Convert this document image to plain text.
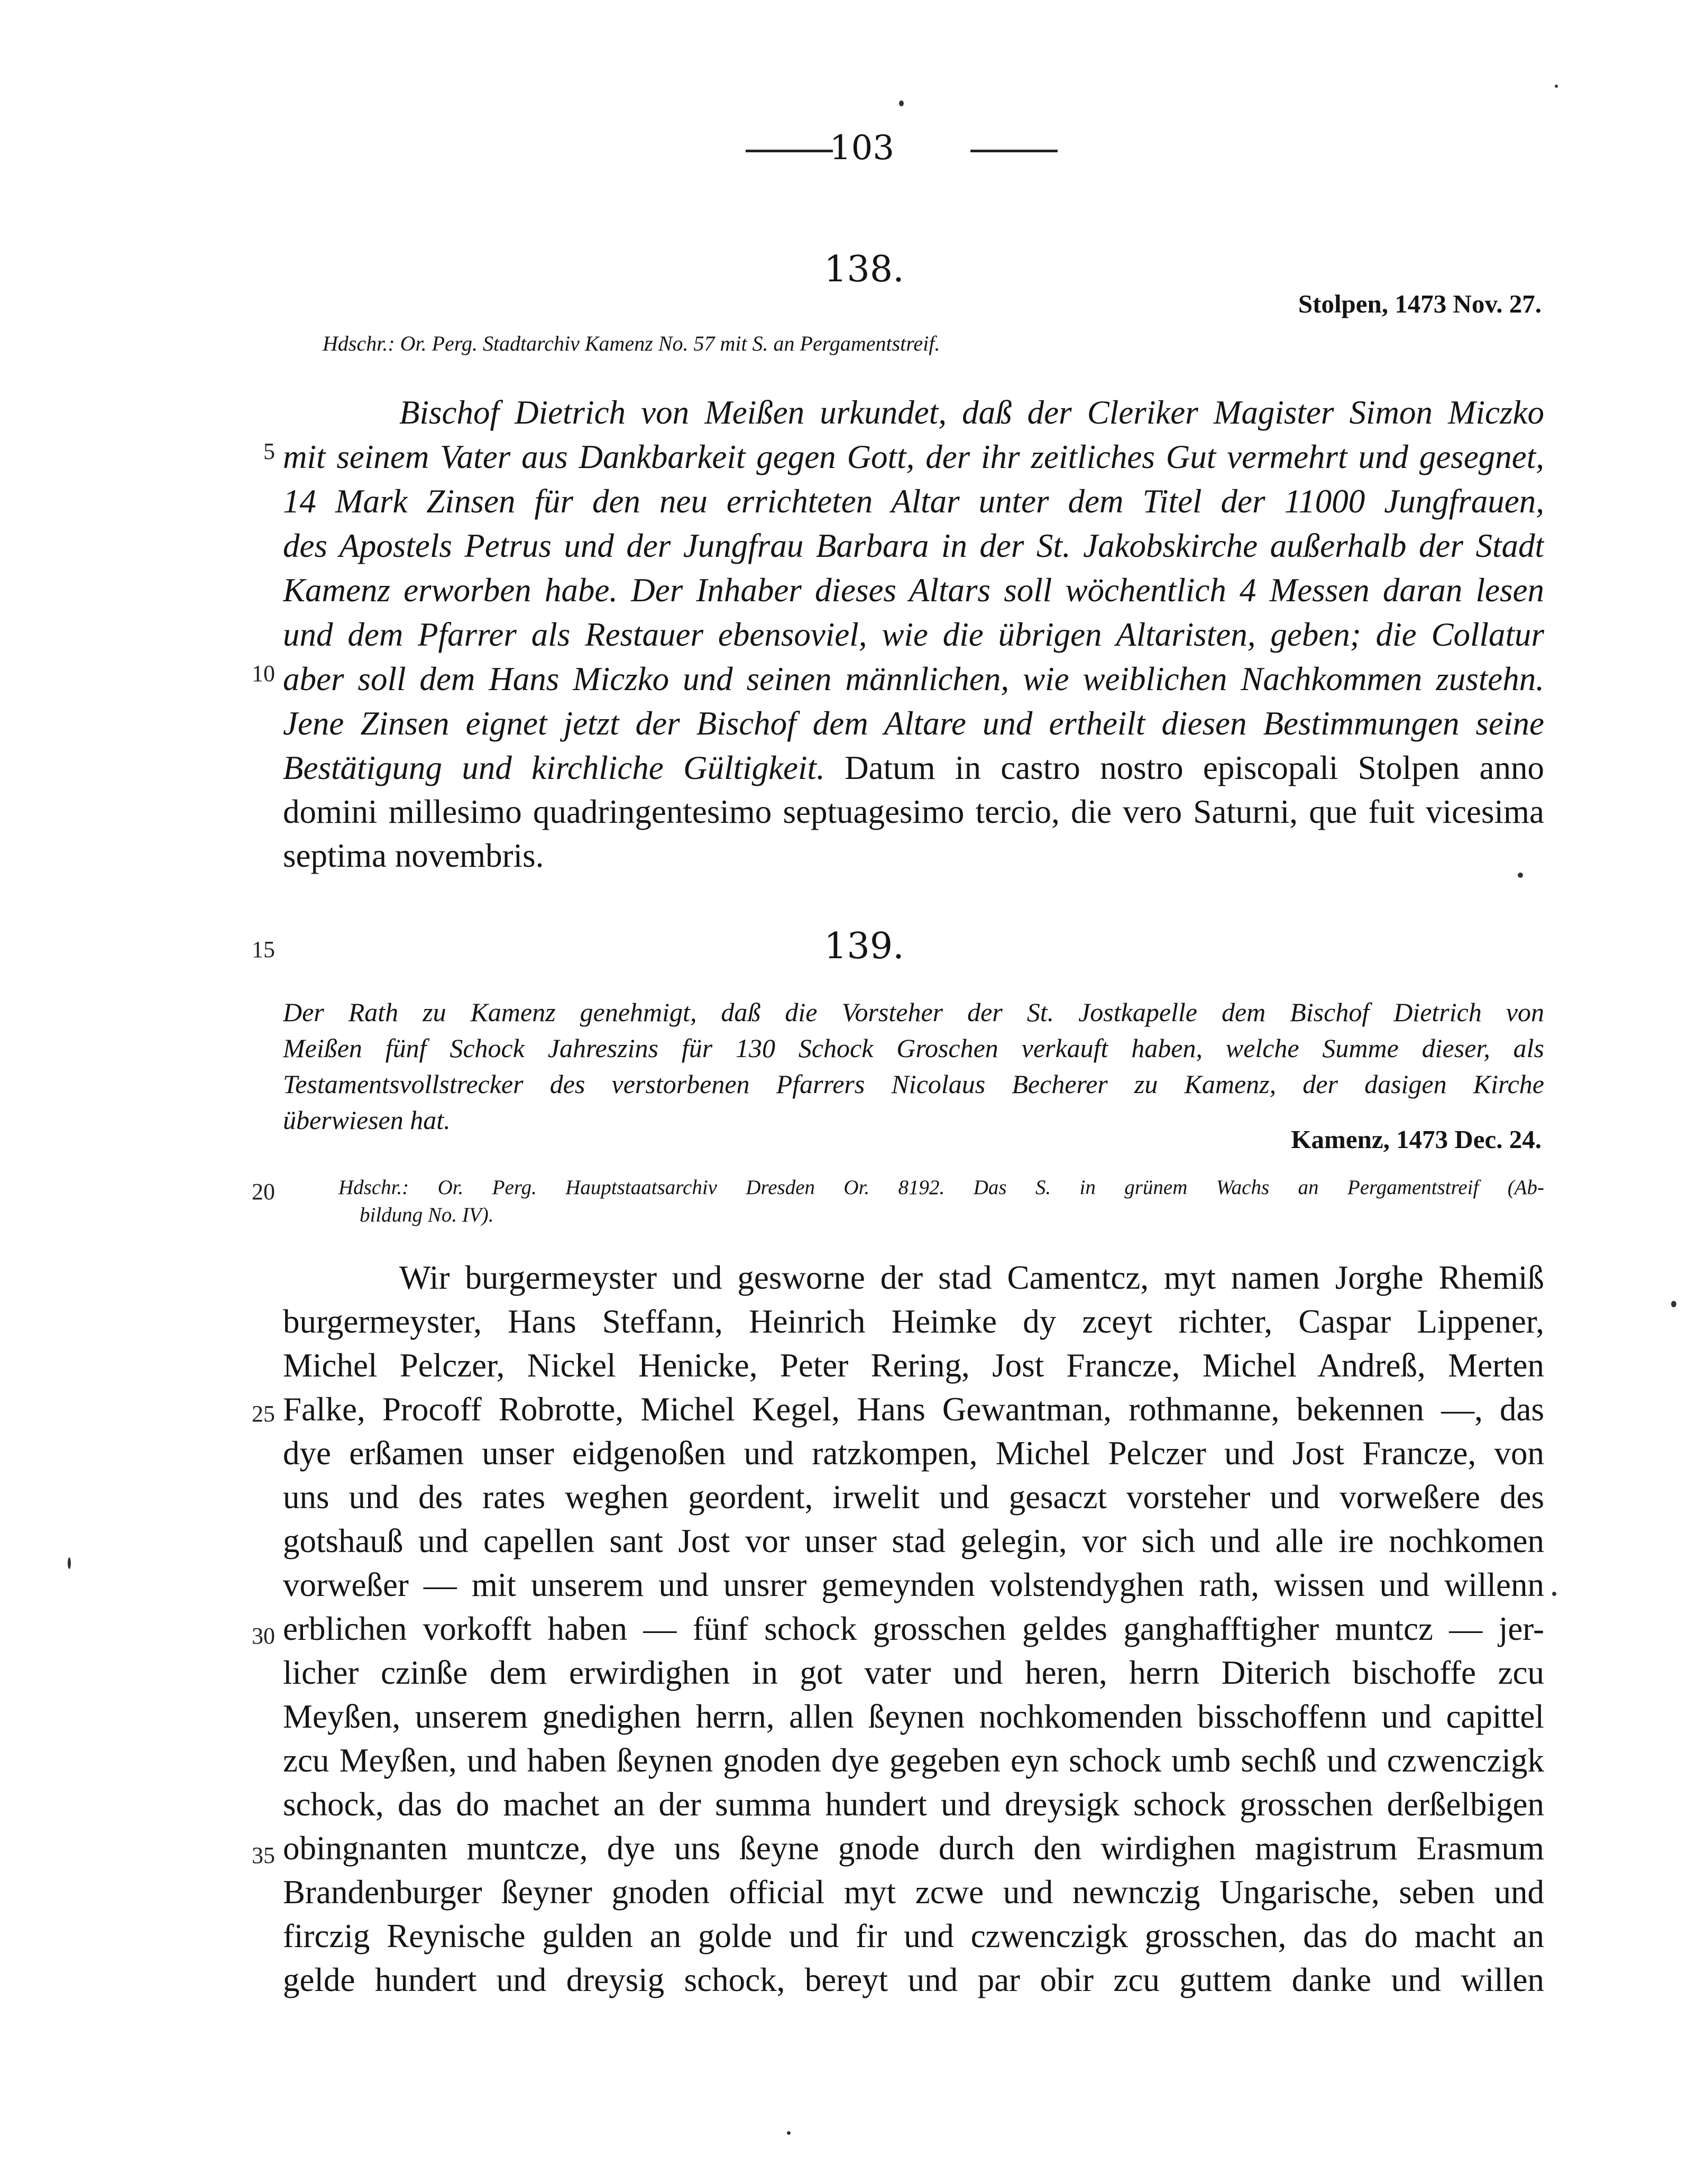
103
138.
Stolpen, 1473 Nov. 27.
Hdschr.: Or. Perg. Stadtarchiv Kamenz No. 57 mit S. an Pergamentstreif.
Bischof Dietrich von Meißen urkundet, daß der Cleriker Magister Simon Miczko
mit seinem Vater aus Dankbarkeit gegen Gott, der ihr zeitliches Gut vermehrt und gesegnet,
14 Mark Zinsen für den neu errichteten Altar unter dem Titel der 11000 Jungfrauen,
des Apostels Petrus und der Jungfrau Barbara in der St. Jakobskirche außerhalb der Stadt
Kamenz erworben habe. Der Inhaber dieses Altars soll wöchentlich 4 Messen daran lesen
und dem Pfarrer als Restauer ebensoviel, wie die übrigen Altaristen, geben; die Collatur
aber soll dem Hans Miczko und seinen männlichen, wie weiblichen Nachkommen zustehn.
Jene Zinsen eignet jetzt der Bischof dem Altare und ertheilt diesen Bestimmungen seine
Bestätigung und kirchliche Gültigkeit. Datum in castro nostro episcopali Stolpen anno
domini millesimo quadringentesimo septuagesimo tercio, die vero Saturni, que fuit vicesima
septima novembris.
139.
Der Rath zu Kamenz genehmigt, daß die Vorsteher der St. Jostkapelle dem Bischof Dietrich von
Meißen fünf Schock Jahreszins für 130 Schock Groschen verkauft haben, welche Summe dieser, als
Testamentsvollstrecker des verstorbenen Pfarrers Nicolaus Becherer zu Kamenz, der dasigen Kirche
überwiesen hat.
Kamenz, 1473 Dec. 24.
Hdschr.: Or. Perg. Hauptstaatsarchiv Dresden Or. 8192. Das S. in grünem Wachs an Pergamentstreif (Ab-
bildung No. IV).
Wir burgermeyster und gesworne der stad Camentcz, myt namen Jorghe Rhemiß
burgermeyster, Hans Steffann, Heinrich Heimke dy zceyt richter, Caspar Lippener,
Michel Pelczer, Nickel Henicke, Peter Rering, Jost Francze, Michel Andreß, Merten
Falke, Procoff Robrotte, Michel Kegel, Hans Gewantman, rothmanne, bekennen —, das
dye erßamen unser eidgenoßen und ratzkompen, Michel Pelczer und Jost Francze, von
uns und des rates weghen geordent, irwelit und gesaczt vorsteher und vorweßere des
gotshauß und capellen sant Jost vor unser stad gelegin, vor sich und alle ire nochkomen
vorweßer — mit unserem und unsrer gemeynden volstendyghen rath, wissen und willenn
erblichen vorkofft haben — fünf schock grosschen geldes ganghafftigher muntcz — jer-
licher czinße dem erwirdighen in got vater und heren, herrn Diterich bischoffe zcu
Meyßen, unserem gnedighen herrn, allen ßeynen nochkomenden bisschoffenn und capittel
zcu Meyßen, und haben ßeynen gnoden dye gegeben eyn schock umb sechß und czwenczigk
schock, das do machet an der summa hundert und dreysigk schock grosschen derßelbigen
obingnanten muntcze, dye uns ßeyne gnode durch den wirdighen magistrum Erasmum
Brandenburger ßeyner gnoden official myt zcwe und newnczig Ungarische, seben und
firczig Reynische gulden an golde und fir und czwenczigk grosschen, das do macht an
gelde hundert und dreysig schock, bereyt und par obir zcu guttem danke und willen
5
10
15
20
25
30
35
